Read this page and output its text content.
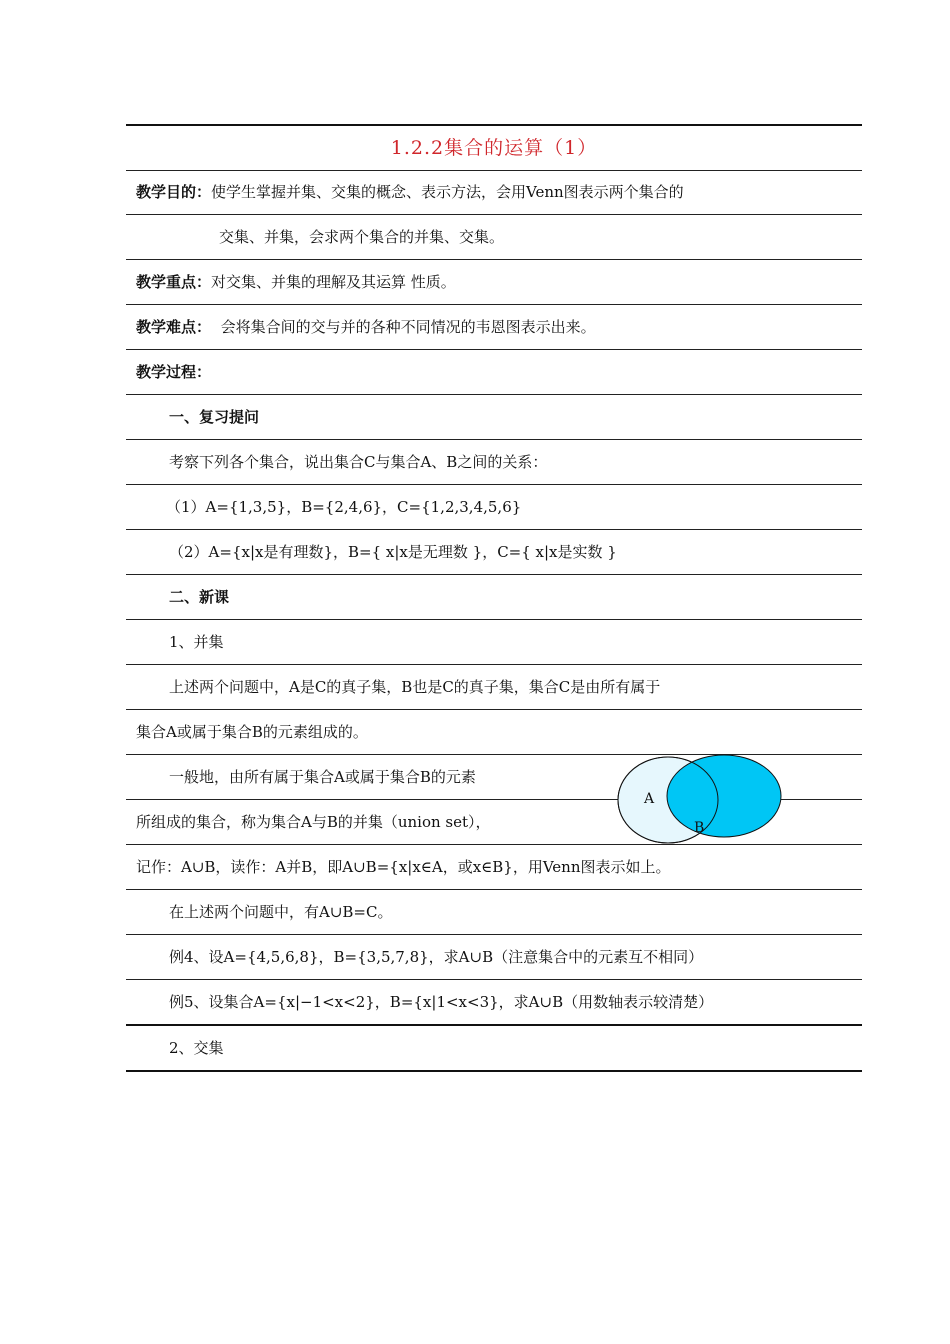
1.2.2集合的运算（1）
教学目的：使学生掌握并集、交集的概念、表示方法，会用Venn图表示两个集合的
交集、并集，会求两个集合的并集、交集。
教学重点：对交集、并集的理解及其运算 性质。
教学难点： 会将集合间的交与并的各种不同情况的韦恩图表示出来。
教学过程：
一、复习提问
考察下列各个集合，说出集合C与集合A、B之间的关系：
（1）A={1,3,5}，B={2,4,6}，C={1,2,3,4,5,6}
（2）A={x|x是有理数}，B={ x|x是无理数 }，C={ x|x是实数 }
二、新课
1、并集
上述两个问题中，A是C的真子集，B也是C的真子集，集合C是由所有属于
集合A或属于集合B的元素组成的。
一般地，由所有属于集合A或属于集合B的元素
所组成的集合，称为集合A与B的并集（union set），
记作：A∪B，读作：A并B，即A∪B={x|x∈A，或x∈B}，用Venn图表示如上。
在上述两个问题中，有A∪B=C。
例4、设A={4,5,6,8}，B={3,5,7,8}，求A∪B（注意集合中的元素互不相同）
例5、设集合A={x|−1<x<2}，B={x|1<x<3}，求A∪B（用数轴表示较清楚）
2、交集
A
B
